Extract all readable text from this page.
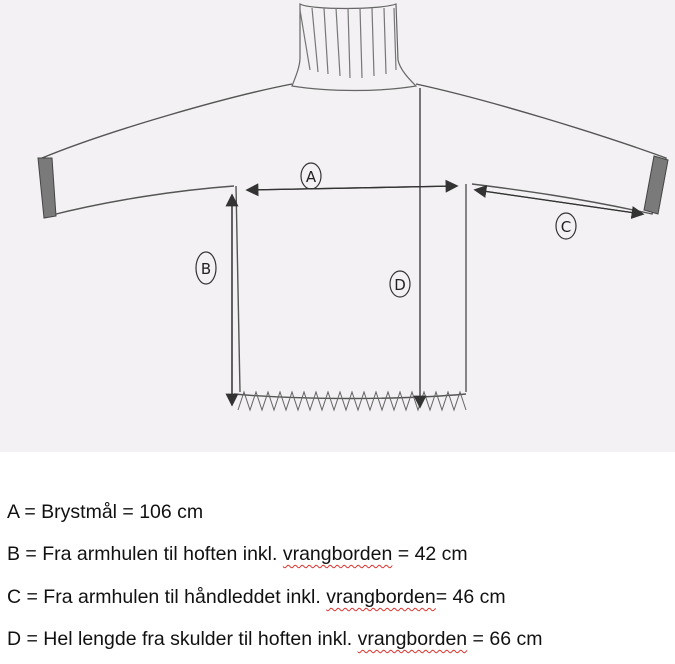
A
B
C
D
A = Brystmål = 106 cm
B = Fra armhulen til hoften inkl. vrangborden = 42 cm
C = Fra armhulen til håndleddet inkl. vrangborden= 46 cm
D = Hel lengde fra skulder til hoften inkl. vrangborden = 66 cm
